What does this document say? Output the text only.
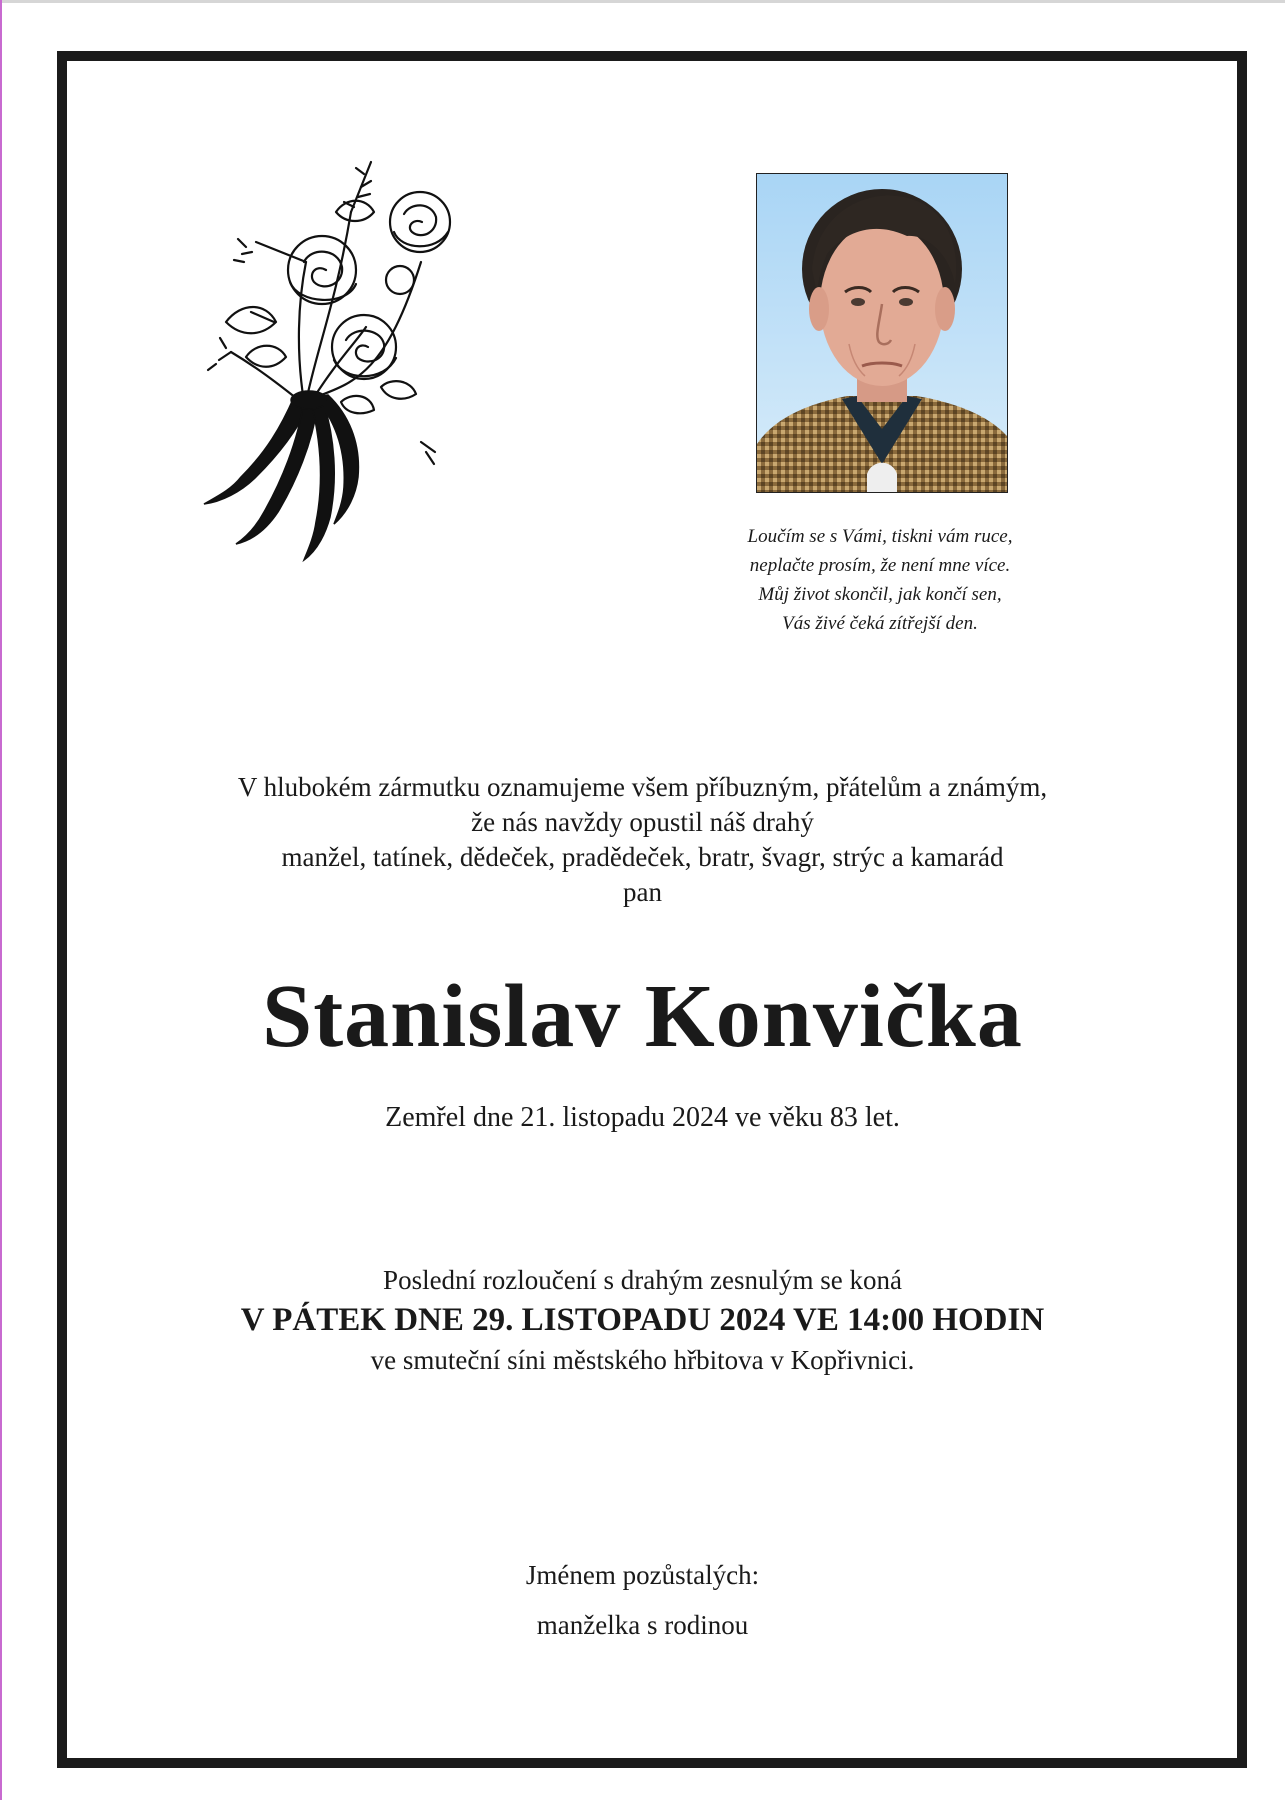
Loučím se s Vámi, tiskni vám ruce,
neplačte prosím, že není mne více.
Můj život skončil, jak končí sen,
Vás živé čeká zítřejší den.
V hlubokém zármutku oznamujeme všem příbuzným, přátelům a známým,
že nás navždy opustil náš drahý
manžel, tatínek, dědeček, pradědeček, bratr, švagr, strýc a kamarád
pan
Stanislav Konvička
Zemřel dne 21. listopadu 2024 ve věku 83 let.
Poslední rozloučení s drahým zesnulým se koná
V PÁTEK DNE 29. LISTOPADU 2024 VE 14:00 HODIN
ve smuteční síni městského hřbitova v Kopřivnici.
Jménem pozůstalých:
manželka s rodinou
